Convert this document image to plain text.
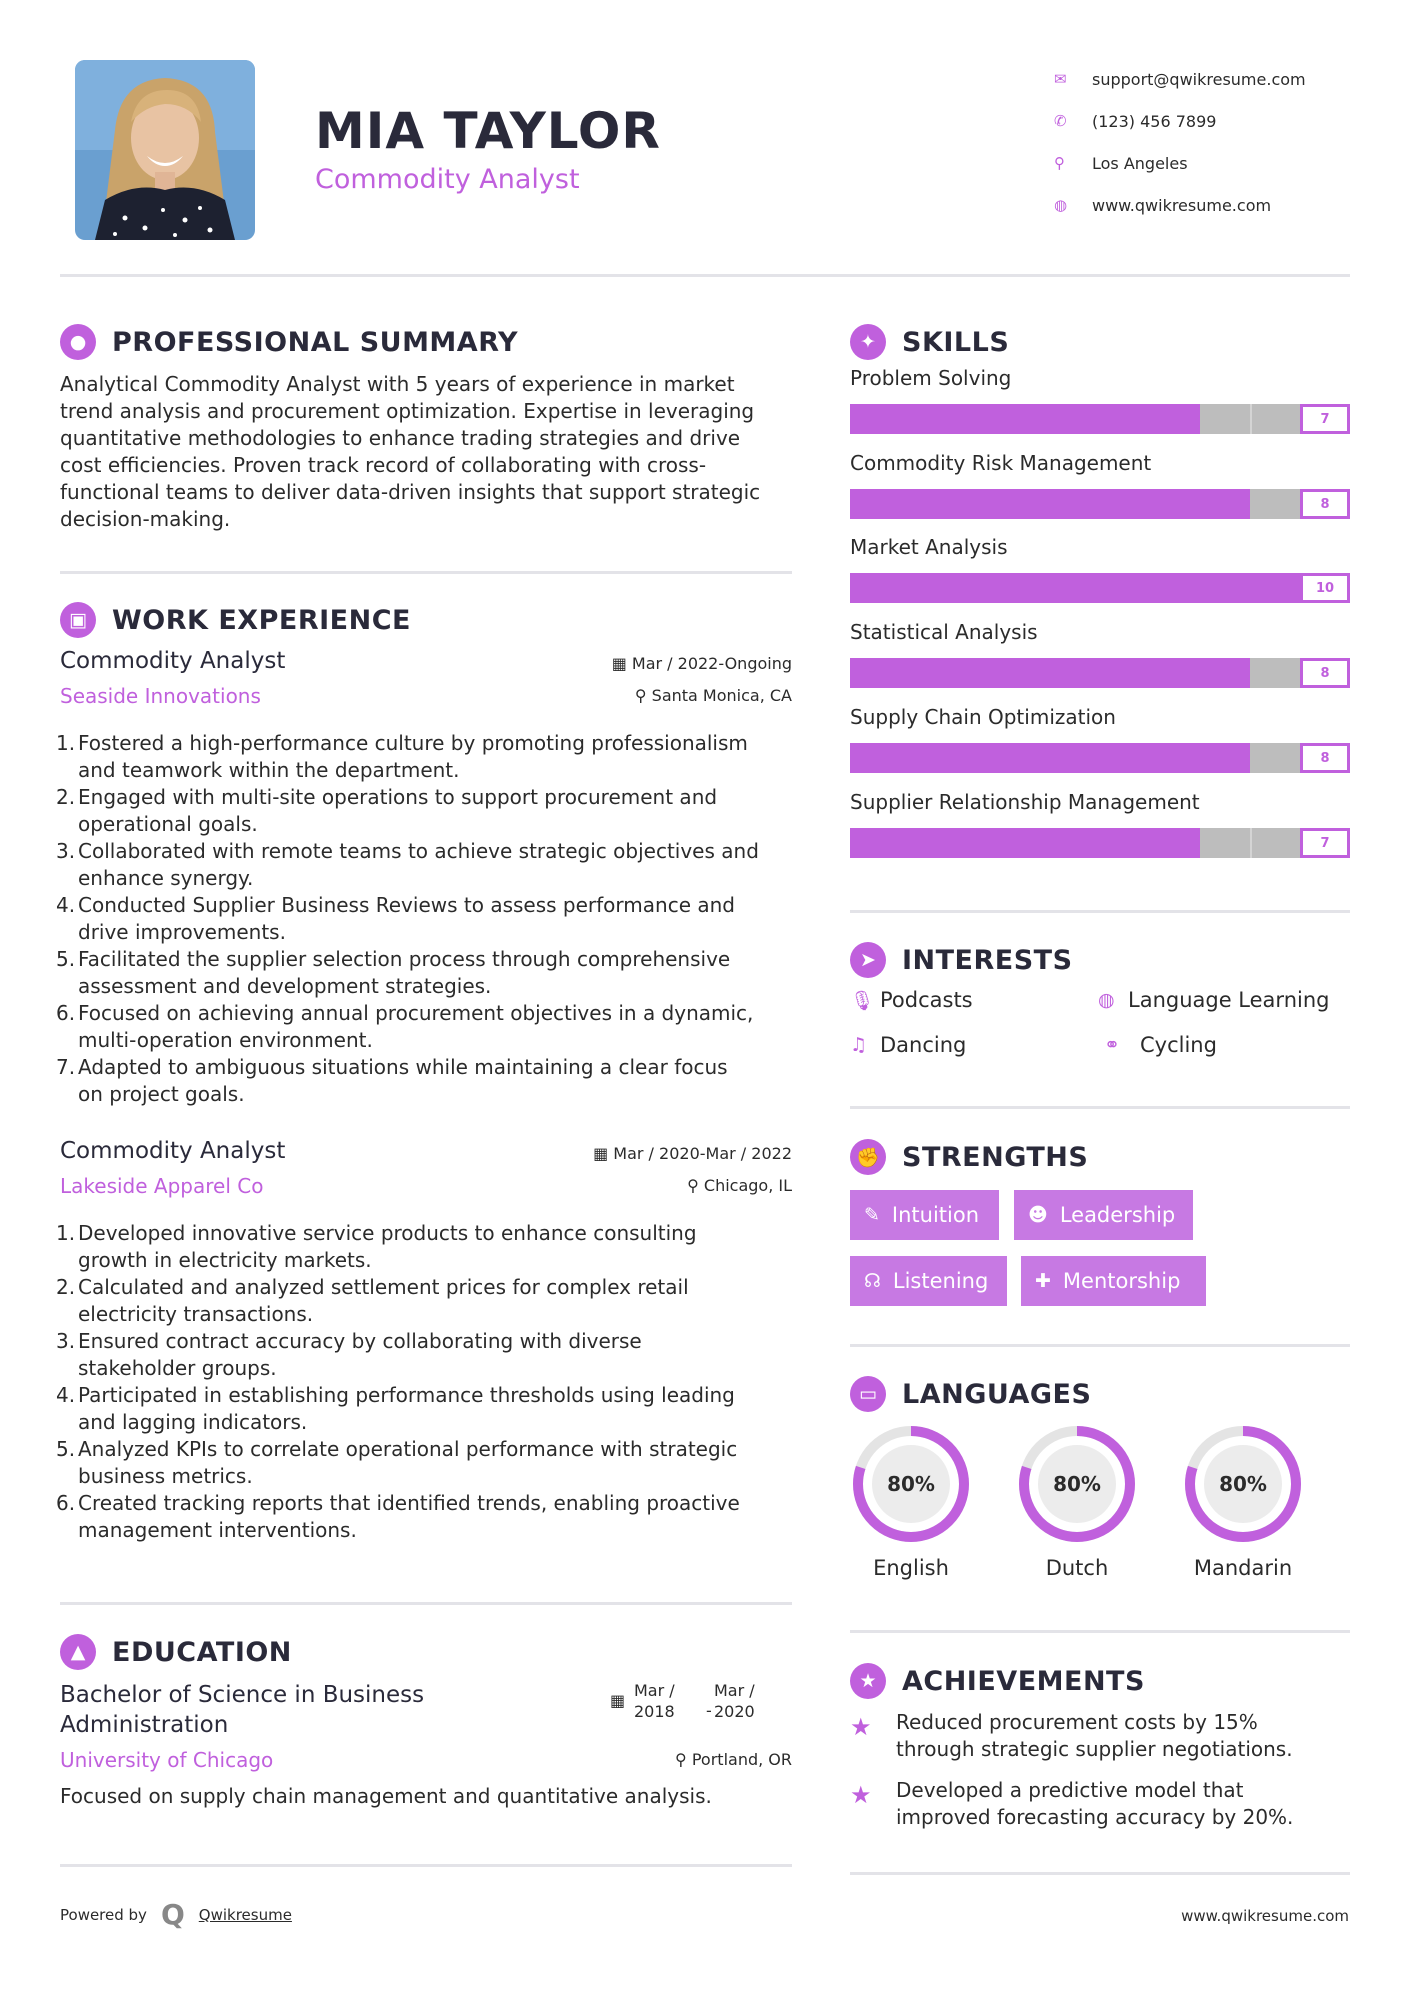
MIA TAYLOR
Commodity Analyst
✉	support@qwikresume.com
✆	(123) 456 7899
⚲	Los Angeles
◍	www.qwikresume.com
● PROFESSIONAL SUMMARY
Analytical Commodity Analyst with 5 years of experience in market
trend analysis and procurement optimization. Expertise in leveraging
quantitative methodologies to enhance trading strategies and drive
cost efficiencies. Proven track record of collaborating with cross-
functional teams to deliver data-driven insights that support strategic
decision-making.
▣ WORK EXPERIENCE
Commodity Analyst
Seaside Innovations
▦ Mar / 2022-Ongoing
⚲ Santa Monica, CA
1. Fostered a high-performance culture by promoting professionalism
and teamwork within the department.
2. Engaged with multi-site operations to support procurement and
operational goals.
3. Collaborated with remote teams to achieve strategic objectives and
enhance synergy.
4. Conducted Supplier Business Reviews to assess performance and
drive improvements.
5. Facilitated the supplier selection process through comprehensive
assessment and development strategies.
6. Focused on achieving annual procurement objectives in a dynamic,
multi-operation environment.
7. Adapted to ambiguous situations while maintaining a clear focus
on project goals.
Commodity Analyst
Lakeside Apparel Co
▦ Mar / 2020-Mar / 2022
⚲ Chicago, IL
1. Developed innovative service products to enhance consulting
growth in electricity markets.
2. Calculated and analyzed settlement prices for complex retail
electricity transactions.
3. Ensured contract accuracy by collaborating with diverse
stakeholder groups.
4. Participated in establishing performance thresholds using leading
and lagging indicators.
5. Analyzed KPIs to correlate operational performance with strategic
business metrics.
6. Created tracking reports that identified trends, enabling proactive
management interventions.
▲ EDUCATION
Bachelor of Science in Business
Administration
▦
Mar /
2018 -
Mar /
2020
University of Chicago	⚲ Portland, OR
Focused on supply chain management and quantitative analysis.
✦ SKILLS
Problem Solving
7
Commodity Risk Management
8
Market Analysis
10
Statistical Analysis
8
Supply Chain Optimization
8
Supplier Relationship Management
7
➤ INTERESTS
🎙 Podcasts	◍ Language Learning
♫ Dancing	⚭ Cycling
✊ STRENGTHS
✎ Intuition	☻ Leadership
☊ Listening ✚ Mentorship
▭ LANGUAGES
80%
English
80%
Dutch
80%
Mandarin
★ ACHIEVEMENTS
★	Reduced procurement costs by 15%
through strategic supplier negotiations.
★	Developed a predictive model that
improved forecasting accuracy by 20%.
Powered by Q Qwikresume	www.qwikresume.com
